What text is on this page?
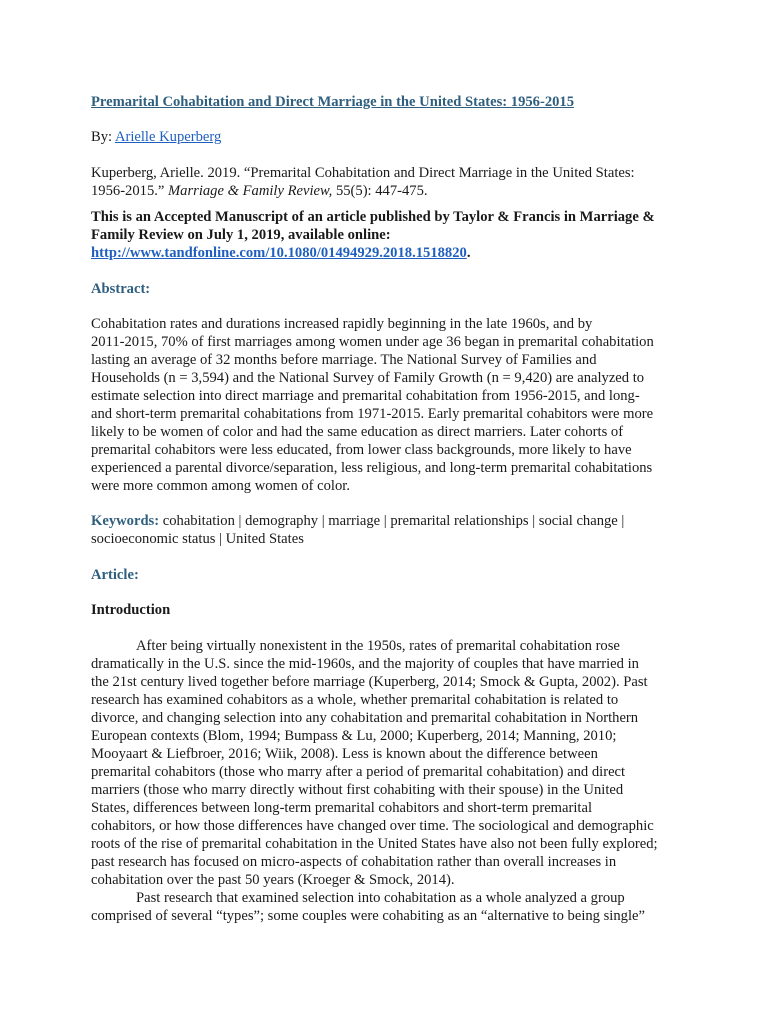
Premarital Cohabitation and Direct Marriage in the United States: 1956-2015
By: Arielle Kuperberg
Kuperberg, Arielle. 2019. “Premarital Cohabitation and Direct Marriage in the United States:
1956-2015.” Marriage & Family Review, 55(5): 447-475.
This is an Accepted Manuscript of an article published by Taylor & Francis in Marriage &
Family Review on July 1, 2019, available online:
http://www.tandfonline.com/10.1080/01494929.2018.1518820.
Abstract:
Cohabitation rates and durations increased rapidly beginning in the late 1960s, and by
2011-2015, 70% of first marriages among women under age 36 began in premarital cohabitation
lasting an average of 32 months before marriage. The National Survey of Families and
Households (n = 3,594) and the National Survey of Family Growth (n = 9,420) are analyzed to
estimate selection into direct marriage and premarital cohabitation from 1956-2015, and long-
and short-term premarital cohabitations from 1971-2015. Early premarital cohabitors were more
likely to be women of color and had the same education as direct marriers. Later cohorts of
premarital cohabitors were less educated, from lower class backgrounds, more likely to have
experienced a parental divorce/separation, less religious, and long-term premarital cohabitations
were more common among women of color.
Keywords: cohabitation | demography | marriage | premarital relationships | social change |
socioeconomic status | United States
Article:
Introduction
After being virtually nonexistent in the 1950s, rates of premarital cohabitation rose
dramatically in the U.S. since the mid-1960s, and the majority of couples that have married in
the 21st century lived together before marriage (Kuperberg, 2014; Smock & Gupta, 2002). Past
research has examined cohabitors as a whole, whether premarital cohabitation is related to
divorce, and changing selection into any cohabitation and premarital cohabitation in Northern
European contexts (Blom, 1994; Bumpass & Lu, 2000; Kuperberg, 2014; Manning, 2010;
Mooyaart & Liefbroer, 2016; Wiik, 2008). Less is known about the difference between
premarital cohabitors (those who marry after a period of premarital cohabitation) and direct
marriers (those who marry directly without first cohabiting with their spouse) in the United
States, differences between long-term premarital cohabitors and short-term premarital
cohabitors, or how those differences have changed over time. The sociological and demographic
roots of the rise of premarital cohabitation in the United States have also not been fully explored;
past research has focused on micro-aspects of cohabitation rather than overall increases in
cohabitation over the past 50 years (Kroeger & Smock, 2014).
Past research that examined selection into cohabitation as a whole analyzed a group
comprised of several “types”; some couples were cohabiting as an “alternative to being single”
